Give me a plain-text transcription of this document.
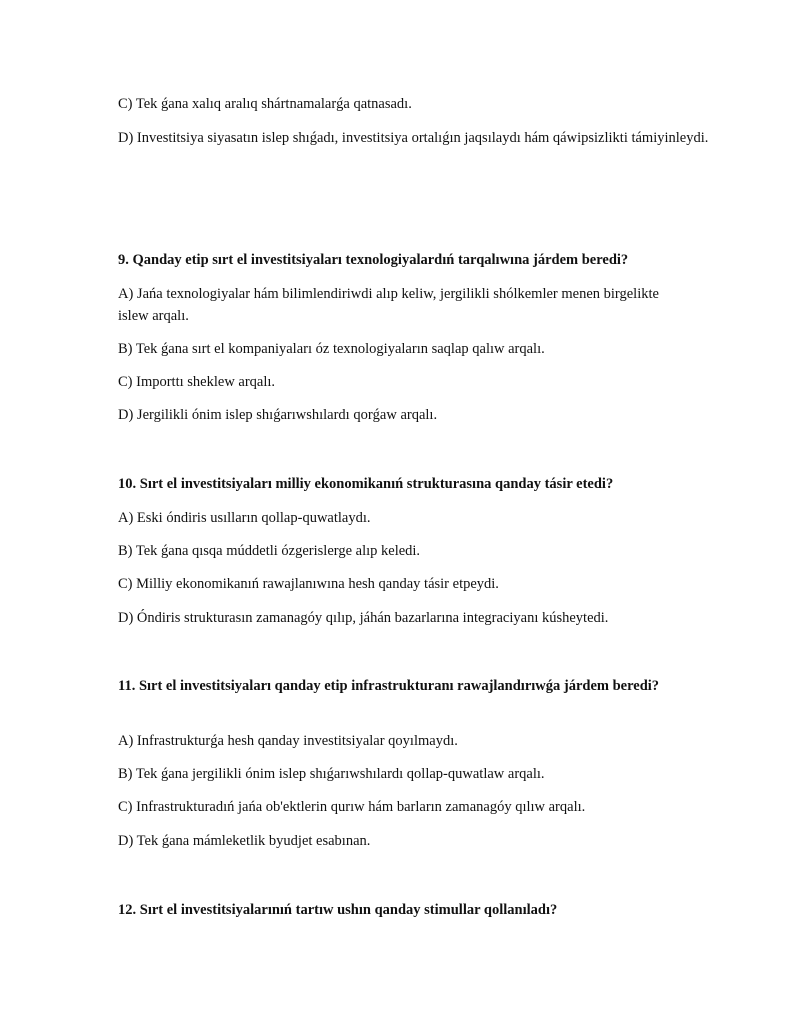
C) Tek ǵana xalıq aralıq shártnamalarǵa qatnasadı.
D) Investitsiya siyasatın islep shıǵadı, investitsiya ortalıǵın jaqsılaydı hám qáwipsizlikti támiyinleydi.
9. Qanday etip sırt el investitsiyaları texnologiyalardıń tarqalıwına járdem beredi?
A) Jańa texnologiyalar hám bilimlendiriwdi alıp keliw, jergilikli shólkemler menen birgelikte islew arqalı.
B) Tek ǵana sırt el kompaniyaları óz texnologiyaların saqlap qalıw arqalı.
C) Importtı sheklew arqalı.
D) Jergilikli ónim islep shıǵarıwshılardı qorǵaw arqalı.
10. Sırt el investitsiyaları milliy ekonomikanıń strukturasına qanday tásir etedi?
A) Eski óndiris usılların qollap-quwatlaydı.
B) Tek ǵana qısqa múddetli ózgerislerge alıp keledi.
C) Milliy ekonomikanıń rawajlanıwına hesh qanday tásir etpeydi.
D) Óndiris strukturasın zamanagóy qılıp, jáhán bazarlarına integraciyanı kúsheytedi.
11. Sırt el investitsiyaları qanday etip infrastrukturanı rawajlandırıwǵa járdem beredi?
A) Infrastrukturǵa hesh qanday investitsiyalar qoyılmaydı.
B) Tek ǵana jergilikli ónim islep shıǵarıwshılardı qollap-quwatlaw arqalı.
C) Infrastrukturadıń jańa ob'ektlerin qurıw hám barların zamanagóy qılıw arqalı.
D) Tek ǵana mámleketlik byudjet esabınan.
12. Sırt el investitsiyalarınıń tartıw ushın qanday stimullar qollanıladı?
